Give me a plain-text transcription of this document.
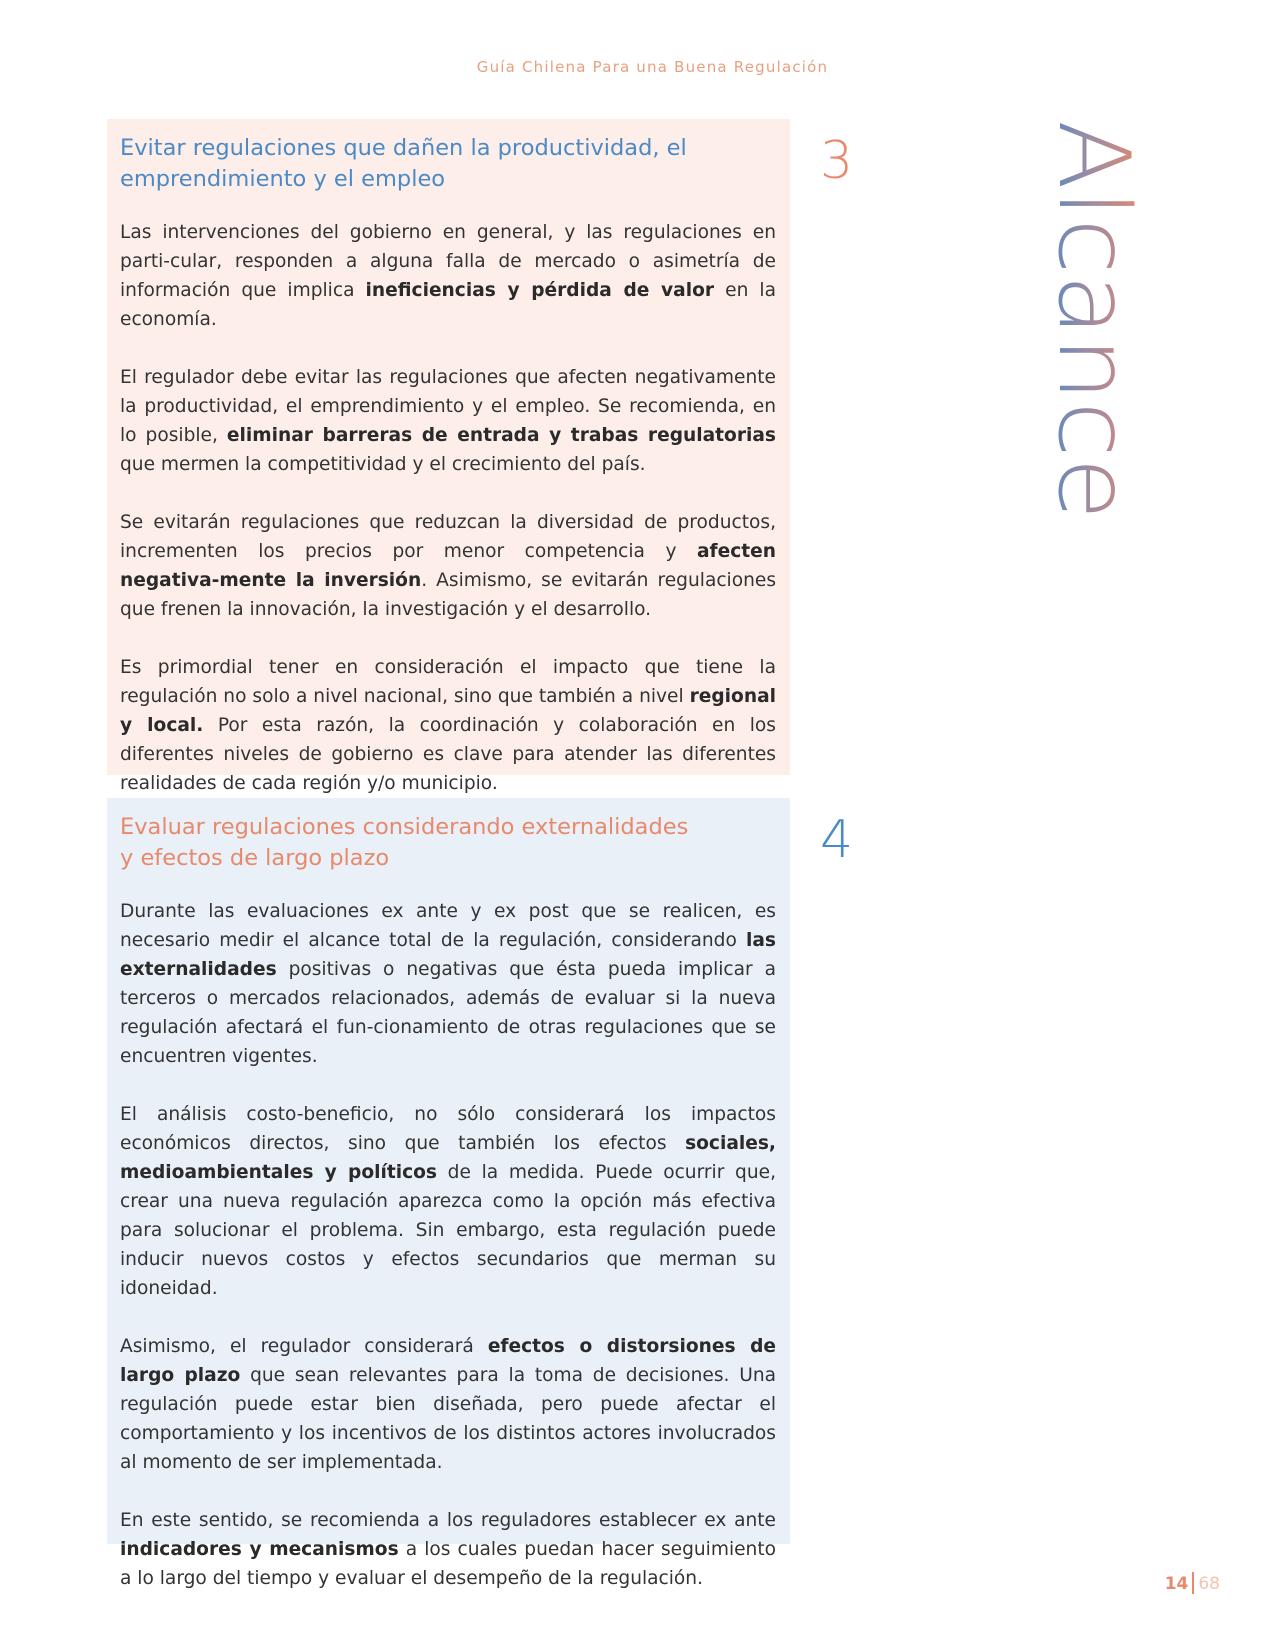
Guía Chilena Para una Buena Regulación
Evitar regulaciones que dañen la productividad, el
emprendimiento y el empleo

Las intervenciones del gobierno en general, y las regulaciones en parti-cular, responden a alguna falla de mercado o asimetría de información que implica ineficiencias y pérdida de valor en la economía.

El regulador debe evitar las regulaciones que afecten negativamente la productividad, el emprendimiento y el empleo. Se recomienda, en lo posible, eliminar barreras de entrada y trabas regulatorias que mermen la competitividad y el crecimiento del país.

Se evitarán regulaciones que reduzcan la diversidad de productos, incrementen los precios por menor competencia y afecten negativa-mente la inversión. Asimismo, se evitarán regulaciones que frenen la innovación, la investigación y el desarrollo.

Es primordial tener en consideración el impacto que tiene la regulación no solo a nivel nacional, sino que también a nivel regional y local. Por esta razón, la coordinación y colaboración en los diferentes niveles de gobierno es clave para atender las diferentes realidades de cada región y/o municipio.

3
Evaluar regulaciones considerando externalidades
y efectos de largo plazo

Durante las evaluaciones ex ante y ex post que se realicen, es necesario medir el alcance total de la regulación, considerando las externalidades positivas o negativas que ésta pueda implicar a terceros o mercados relacionados, además de evaluar si la nueva regulación afectará el fun-cionamiento de otras regulaciones que se encuentren vigentes.

El análisis costo-beneficio, no sólo considerará los impactos económicos directos, sino que también los efectos sociales, medioambientales y políticos de la medida. Puede ocurrir que, crear una nueva regulación aparezca como la opción más efectiva para solucionar el problema. Sin embargo, esta regulación puede inducir nuevos costos y efectos secundarios que merman su idoneidad.

Asimismo, el regulador considerará efectos o distorsiones de largo plazo que sean relevantes para la toma de decisiones. Una regulación puede estar bien diseñada, pero puede afectar el comportamiento y los incentivos de los distintos actores involucrados al momento de ser implementada.

En este sentido, se recomienda a los reguladores establecer ex ante indicadores y mecanismos a los cuales puedan hacer seguimiento a lo largo del tiempo y evaluar el desempeño de la regulación.

4
Alcance
14 68
